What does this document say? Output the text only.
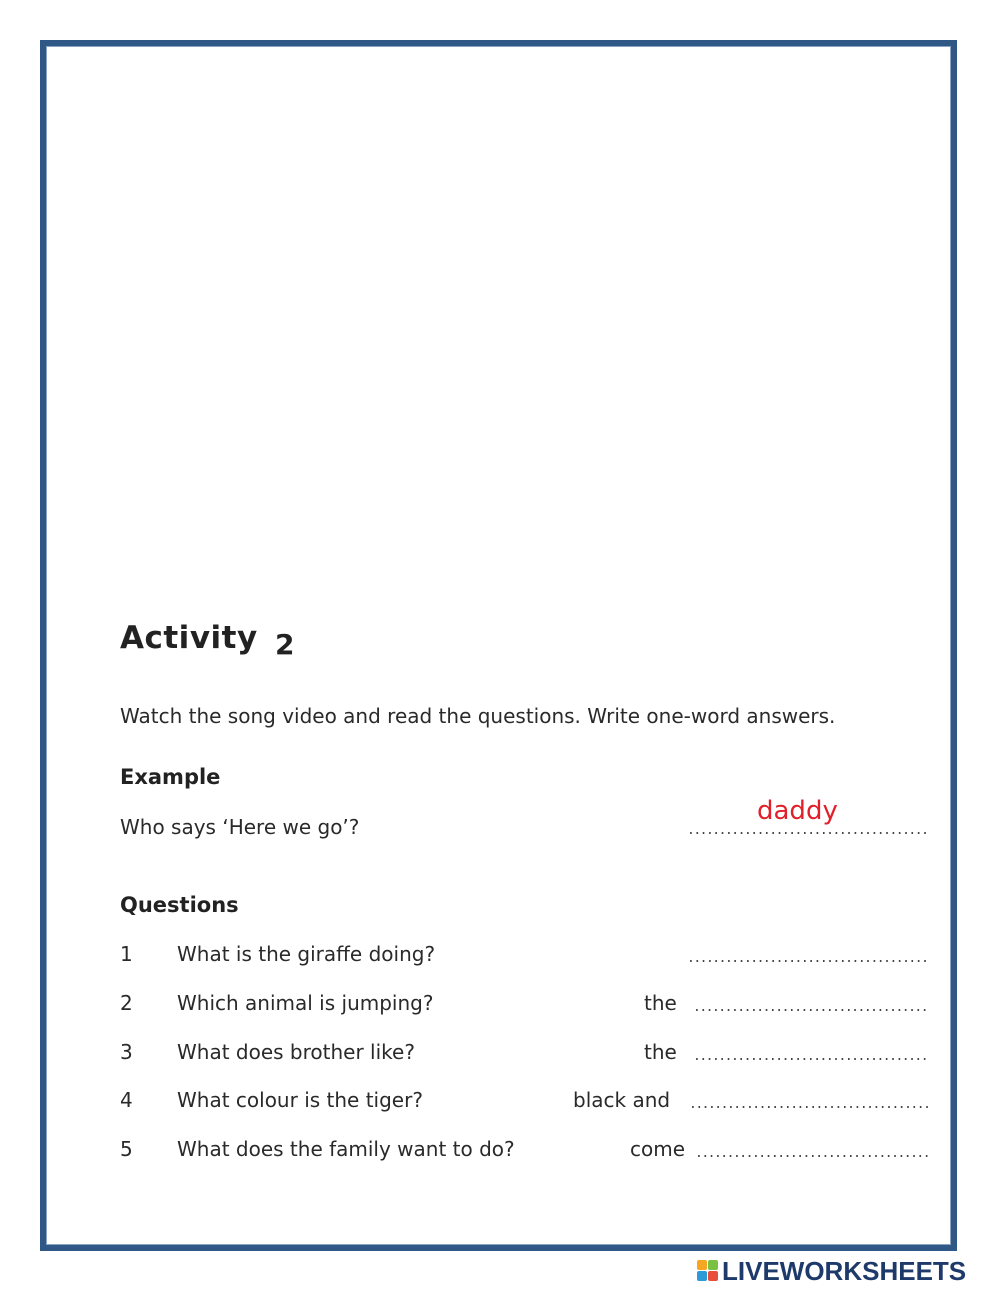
Activity 2
Watch the song video and read the questions. Write one-word answers.
Example
Who says ‘Here we go’?	......................................
daddy
Questions
1 What is the giraffe doing?	......................................
2 Which animal is jumping?	the .....................................
3 What does brother like?	the .....................................
4 What colour is the tiger?	black and ......................................
5 What does the family want to do?	come .....................................
LIVEWORKSHEETS
